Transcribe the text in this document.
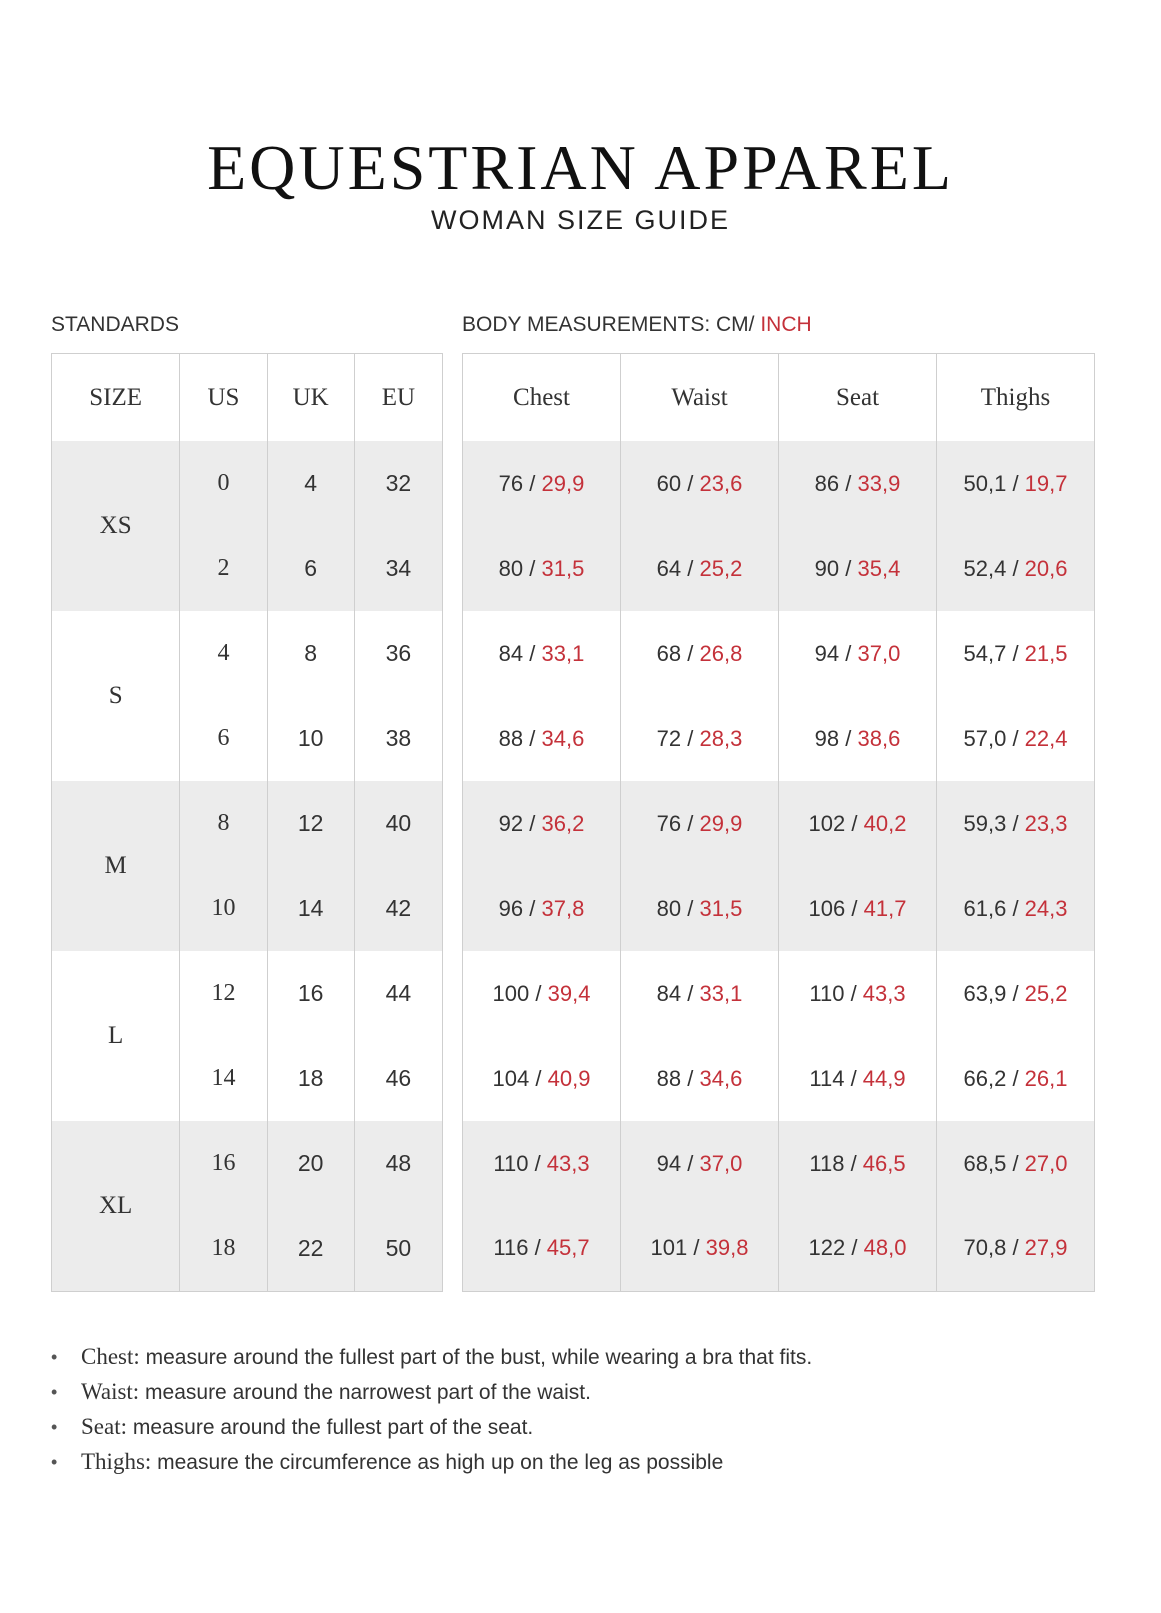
EQUESTRIAN APPAREL
WOMAN SIZE GUIDE
STANDARDS	BODY MEASUREMENTS: CM/ INCH
SIZE	US	UK	EU
XS	0	4	32
	2	6	34
S	4	8	36
	6	10	38
M	8	12	40
	10	14	42
L	12	16	44
	14	18	46
XL	16	20	48
	18	22	50
Chest	Waist	Seat	Thighs
76 / 29,9	60 / 23,6	86 / 33,9	50,1 / 19,7
80 / 31,5	64 / 25,2	90 / 35,4	52,4 / 20,6
84 / 33,1	68 / 26,8	94 / 37,0	54,7 / 21,5
88 / 34,6	72 / 28,3	98 / 38,6	57,0 / 22,4
92 / 36,2	76 / 29,9	102 / 40,2	59,3 / 23,3
96 / 37,8	80 / 31,5	106 / 41,7	61,6 / 24,3
100 / 39,4	84 / 33,1	110 / 43,3	63,9 / 25,2
104 / 40,9	88 / 34,6	114 / 44,9	66,2 / 26,1
110 / 43,3	94 / 37,0	118 / 46,5	68,5 / 27,0
116 / 45,7	101 / 39,8	122 / 48,0	70,8 / 27,9
• Chest: measure around the fullest part of the bust, while wearing a bra that fits.
• Waist: measure around the narrowest part of the waist.
• Seat: measure around the fullest part of the seat.
• Thighs: measure the circumference as high up on the leg as possible
